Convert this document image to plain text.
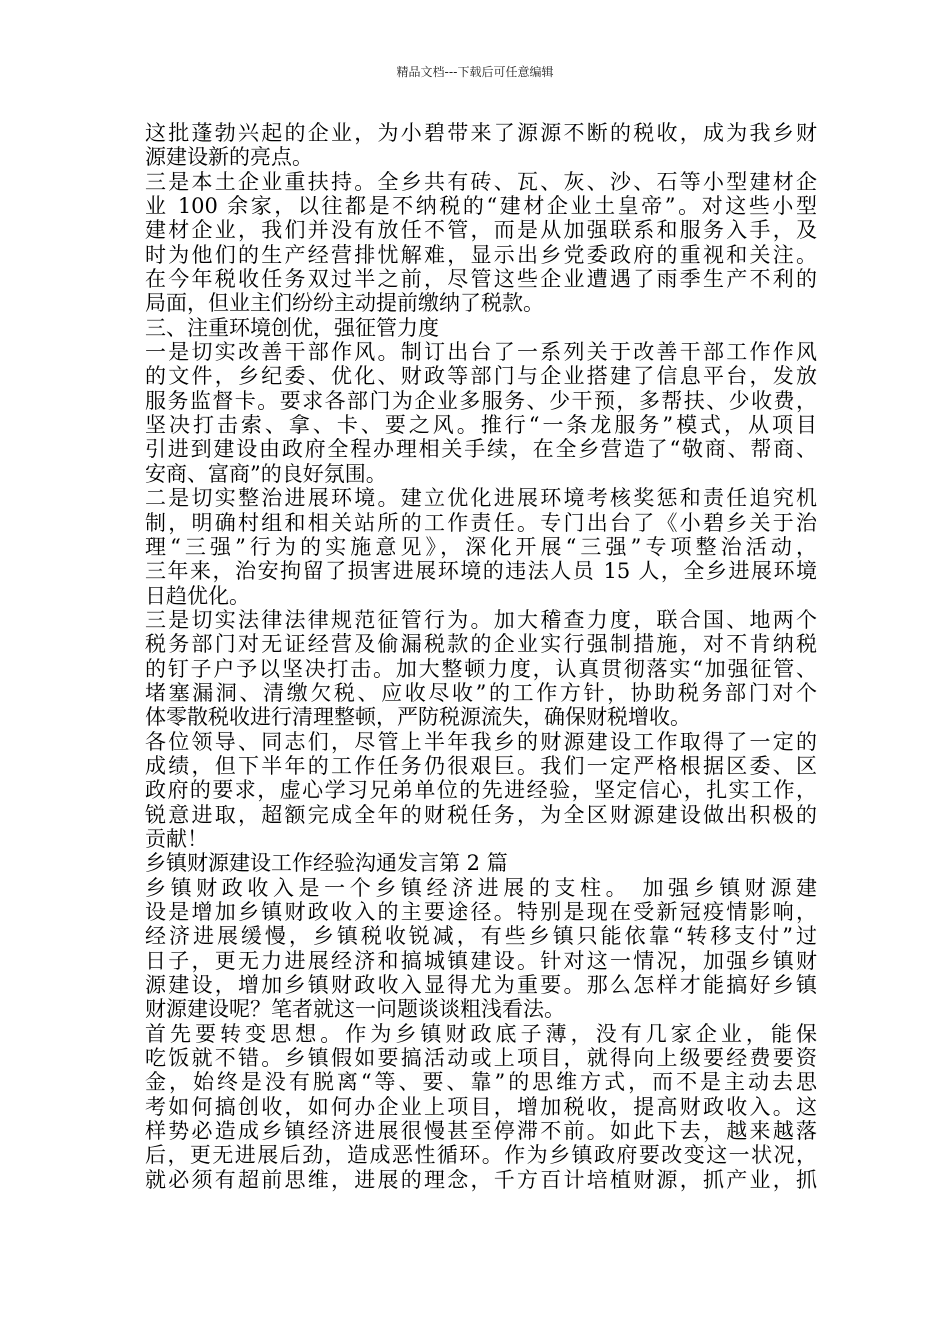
精品文档---下载后可任意编辑
这批蓬勃兴起的企业，为小碧带来了源源不断的税收，成为我乡财
源建设新的亮点。
三是本土企业重扶持。全乡共有砖、瓦、灰、沙、石等小型建材企
业 100 余家，以往都是不纳税的“建材企业土皇帝”。对这些小型
建材企业，我们并没有放任不管，而是从加强联系和服务入手，及
时为他们的生产经营排忧解难，显示出乡党委政府的重视和关注。
在今年税收任务双过半之前，尽管这些企业遭遇了雨季生产不利的
局面，但业主们纷纷主动提前缴纳了税款。
三、注重环境创优，强征管力度
一是切实改善干部作风。制订出台了一系列关于改善干部工作作风
的文件，乡纪委、优化、财政等部门与企业搭建了信息平台，发放
服务监督卡。要求各部门为企业多服务、少干预，多帮扶、少收费，
坚决打击索、拿、卡、要之风。推行“一条龙服务”模式，从项目
引进到建设由政府全程办理相关手续，在全乡营造了“敬商、帮商、
安商、富商”的良好氛围。
二是切实整治进展环境。建立优化进展环境考核奖惩和责任追究机
制，明确村组和相关站所的工作责任。专门出台了《小碧乡关于治
理“三强”行为的实施意见》，深化开展“三强”专项整治活动，
三年来，治安拘留了损害进展环境的违法人员 15 人，全乡进展环境
日趋优化。
三是切实法律法律规范征管行为。加大稽查力度，联合国、地两个
税务部门对无证经营及偷漏税款的企业实行强制措施，对不肯纳税
的钉子户予以坚决打击。加大整顿力度，认真贯彻落实“加强征管、
堵塞漏洞、清缴欠税、应收尽收”的工作方针，协助税务部门对个
体零散税收进行清理整顿，严防税源流失，确保财税增收。
各位领导、同志们，尽管上半年我乡的财源建设工作取得了一定的
成绩，但下半年的工作任务仍很艰巨。我们一定严格根据区委、区
政府的要求，虚心学习兄弟单位的先进经验，坚定信心，扎实工作，
锐意进取，超额完成全年的财税任务，为全区财源建设做出积极的
贡献！
乡镇财源建设工作经验沟通发言第 2 篇
乡镇财政收入是一个乡镇经济进展的支柱。 加强乡镇财源建
设是增加乡镇财政收入的主要途径。特别是现在受新冠疫情影响，
经济进展缓慢，乡镇税收锐减，有些乡镇只能依靠“转移支付”过
日子，更无力进展经济和搞城镇建设。针对这一情况，加强乡镇财
源建设，增加乡镇财政收入显得尤为重要。那么怎样才能搞好乡镇
财源建设呢？笔者就这一问题谈谈粗浅看法。
首先要转变思想。作为乡镇财政底子薄，没有几家企业，能保
吃饭就不错。乡镇假如要搞活动或上项目，就得向上级要经费要资
金，始终是没有脱离“等、要、靠”的思维方式，而不是主动去思
考如何搞创收，如何办企业上项目，增加税收，提高财政收入。这
样势必造成乡镇经济进展很慢甚至停滞不前。如此下去，越来越落
后，更无进展后劲，造成恶性循环。作为乡镇政府要改变这一状况，
就必须有超前思维，进展的理念，千方百计培植财源，抓产业，抓
